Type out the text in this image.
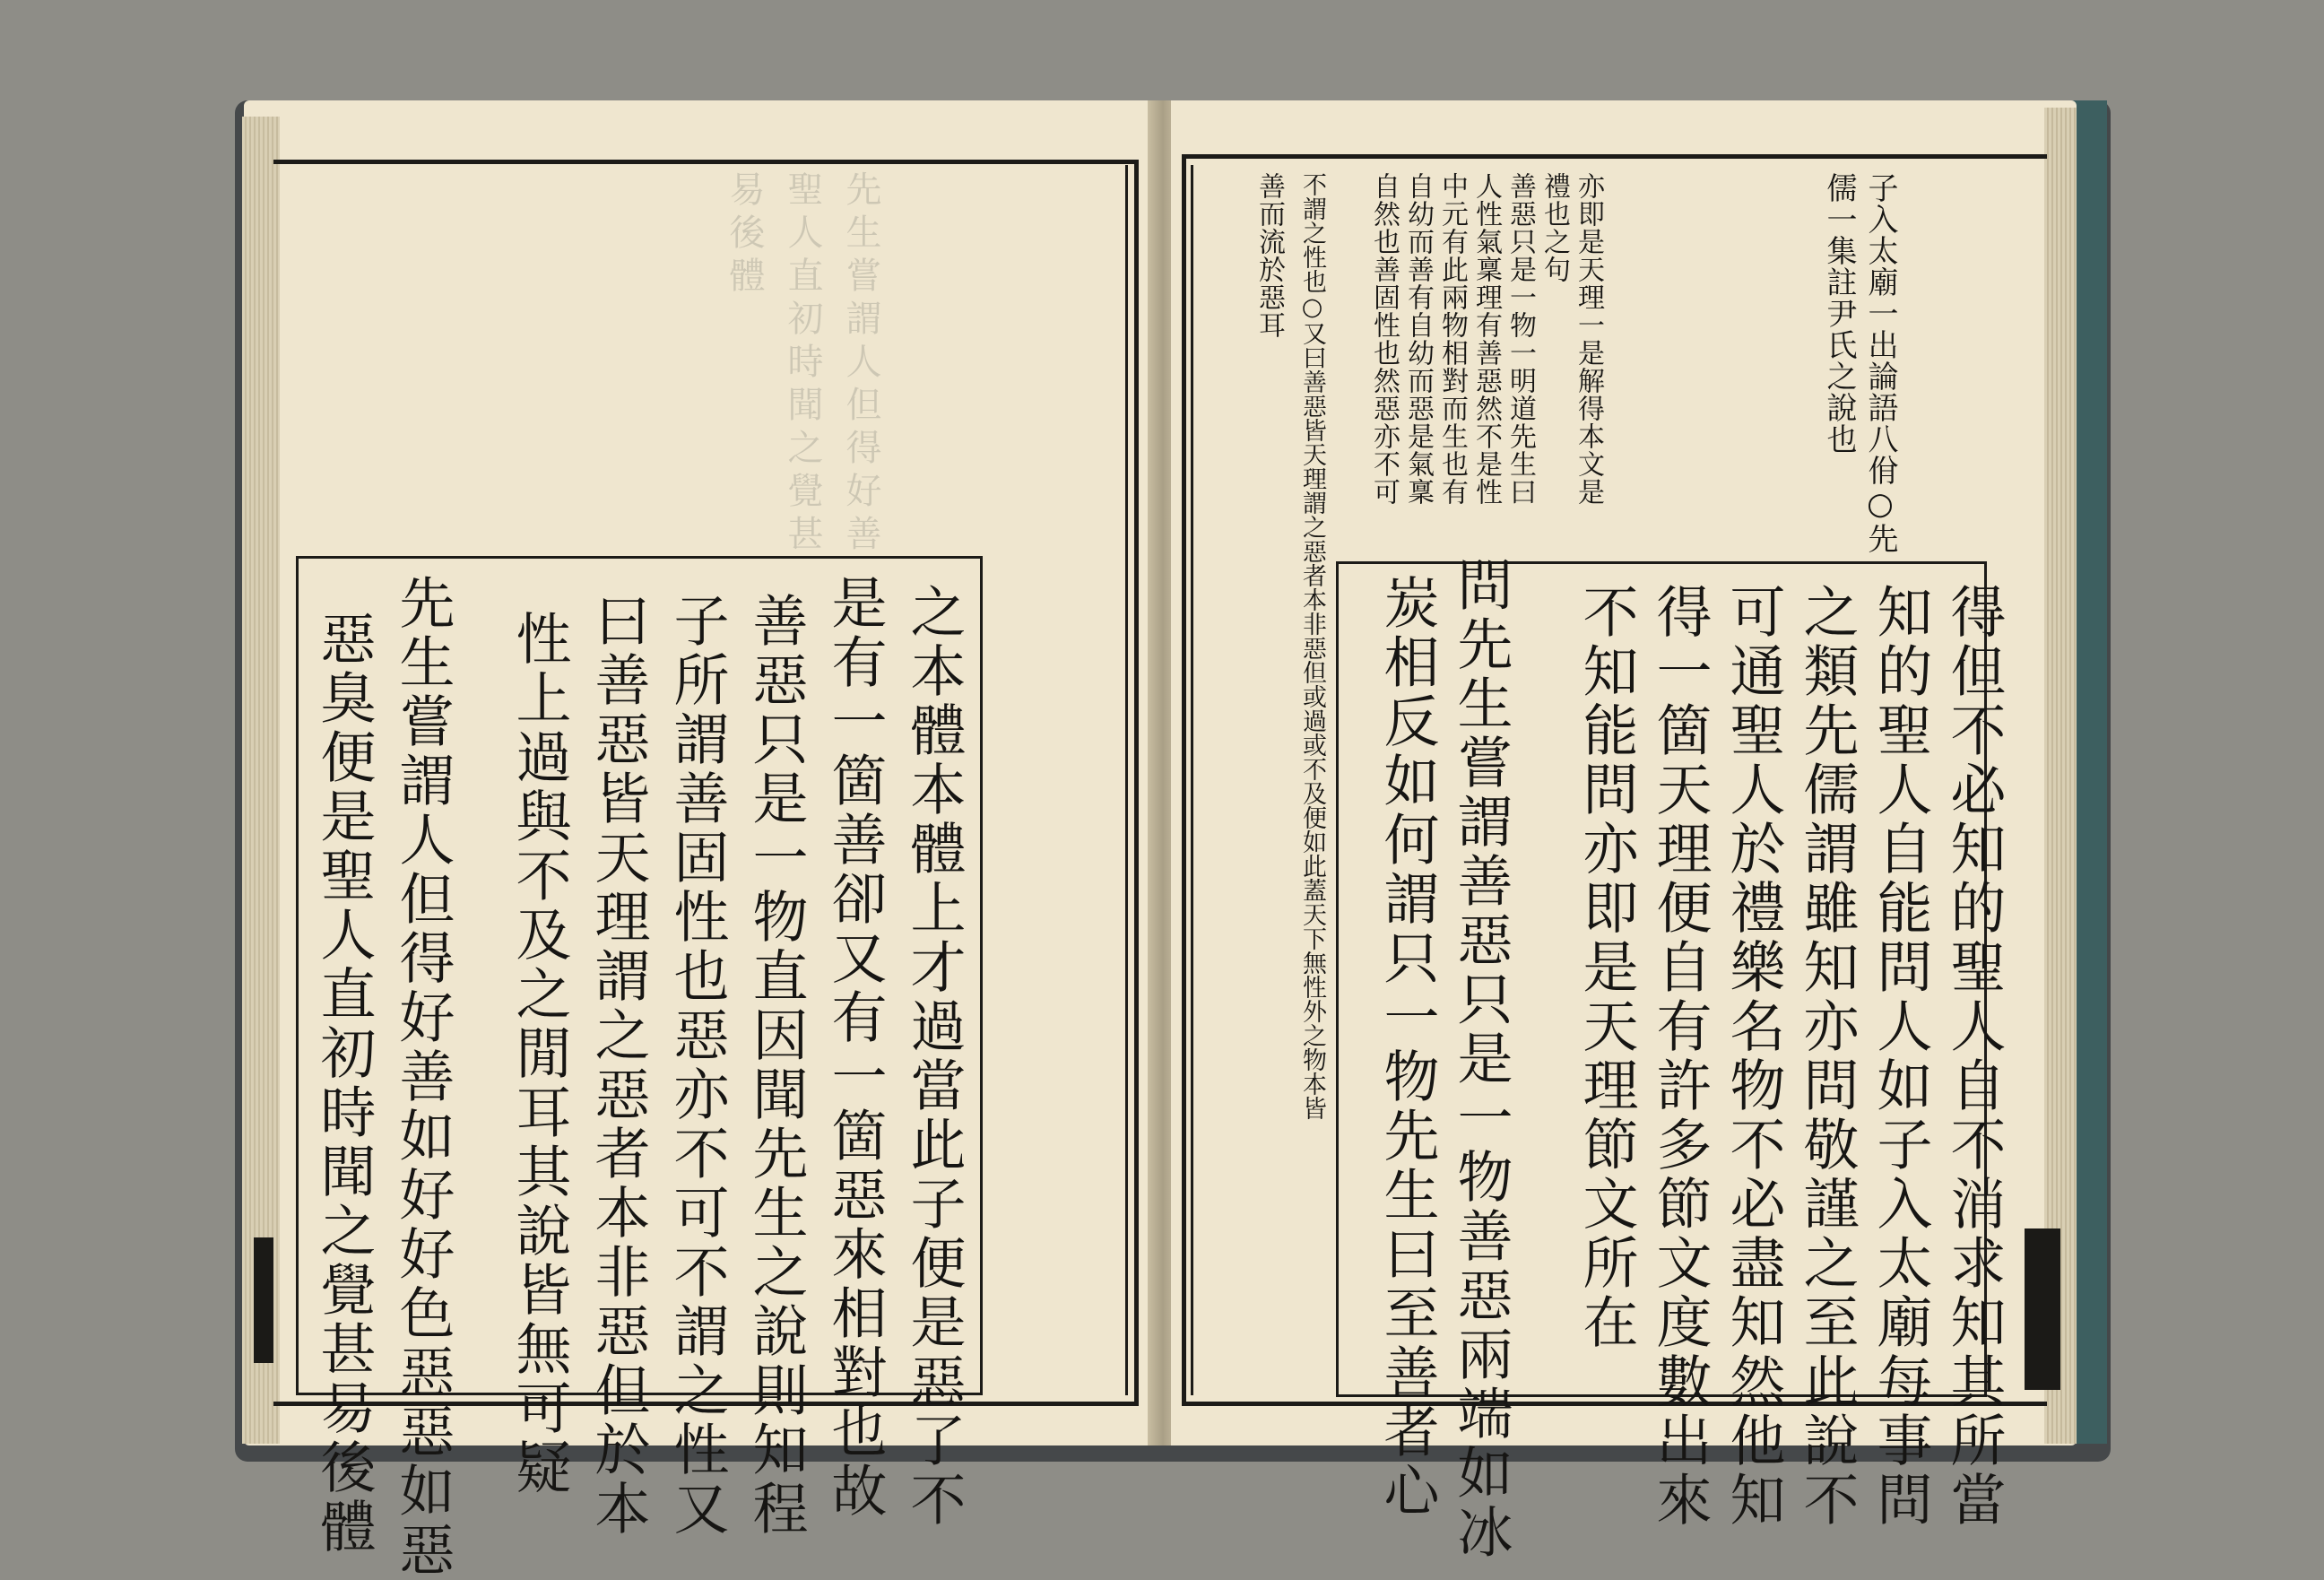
先生嘗謂人但得好善
聖人直初時聞之覺甚
易後體
之本體本體上才過當此子便是惡了不
是有一箇善卻又有一箇惡來相對也故
善惡只是一物直因聞先生之說則知程
子所謂善固性也惡亦不可不謂之性又
曰善惡皆天理謂之惡者本非惡但於本
性上過與不及之閒耳其說皆無可疑
先生嘗謂人但得好善如好好色惡惡如惡
惡臭便是聖人直初時聞之覺甚易後體
子入太廟一出論語八佾○先
儒一集註尹氏之說也
亦即是天理一是解得本文是
禮也之句
善惡只是一物一明道先生曰
人性氣稟理有善惡然不是性
中元有此兩物相對而生也有
自幼而善有自幼而惡是氣稟
自然也善固性也然惡亦不可
不謂之性也○又曰善惡皆天理謂之惡者本非惡但或過或不及便如此蓋天下無性外之物本皆
善而流於惡耳
得但不必知的聖人自不消求知其所當
知的聖人自能問人如子入太廟每事問
之類先儒謂雖知亦問敬謹之至此說不
可通聖人於禮樂名物不必盡知然他知
得一箇天理便自有許多節文度數出來
不知能問亦即是天理節文所在
問先生嘗謂善惡只是一物善惡兩端如冰
炭相反如何謂只一物先生曰至善者心
